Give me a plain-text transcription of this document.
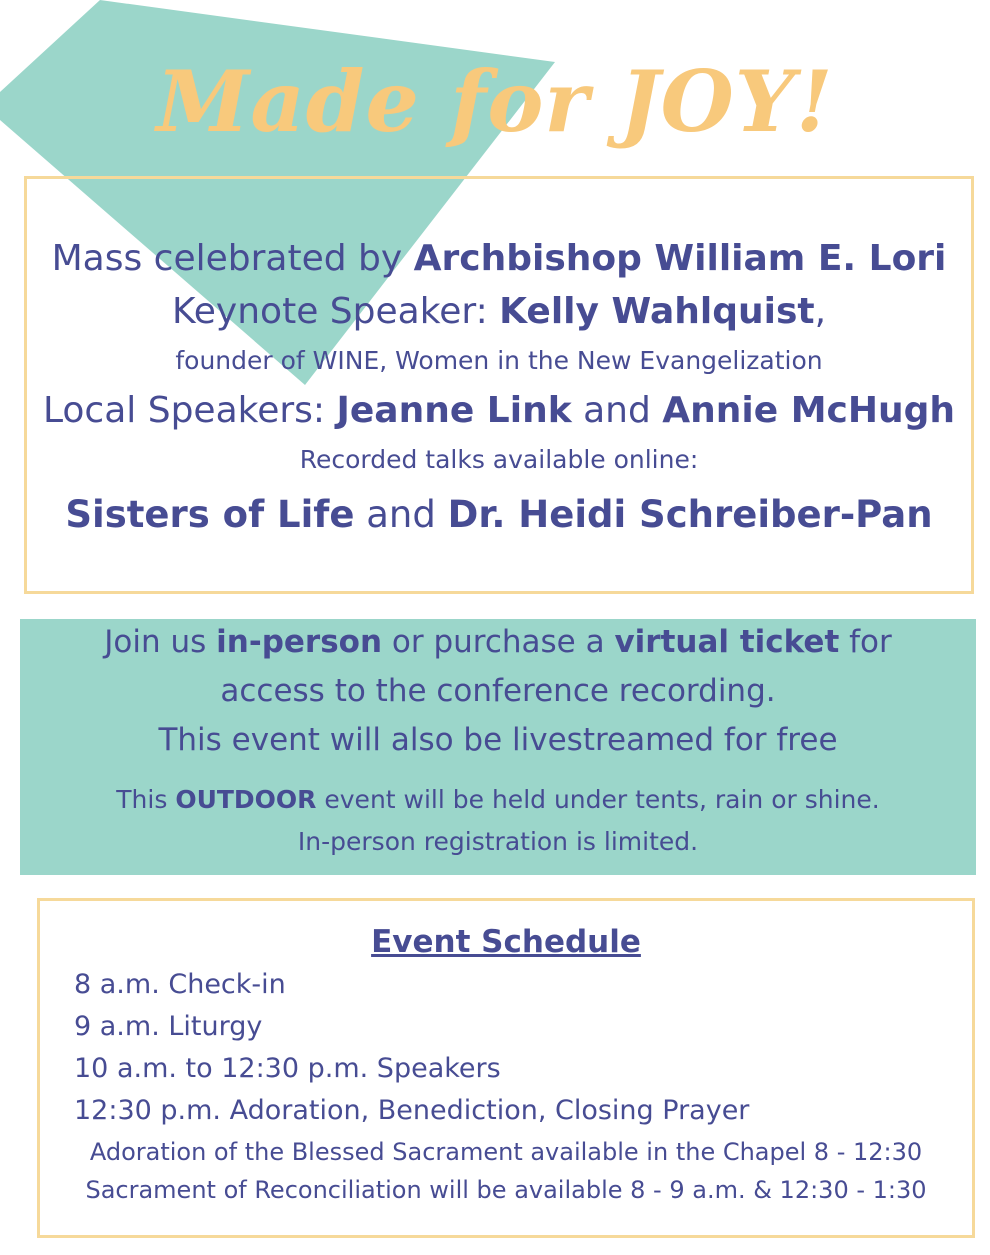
Made for JOY!
Mass celebrated by Archbishop William E. Lori
Keynote Speaker: Kelly Wahlquist,
founder of WINE, Women in the New Evangelization
Local Speakers: Jeanne Link and Annie McHugh
Recorded talks available online:
Sisters of Life and Dr. Heidi Schreiber-Pan
Join us in-person or purchase a virtual ticket for
access to the conference recording.
This event will also be livestreamed for free
This OUTDOOR event will be held under tents, rain or shine.
In-person registration is limited.
Event Schedule
8 a.m. Check-in
9 a.m. Liturgy
10 a.m. to 12:30 p.m. Speakers
12:30 p.m. Adoration, Benediction, Closing Prayer
Adoration of the Blessed Sacrament available in the Chapel 8 - 12:30
Sacrament of Reconciliation will be available 8 - 9 a.m. & 12:30 - 1:30
